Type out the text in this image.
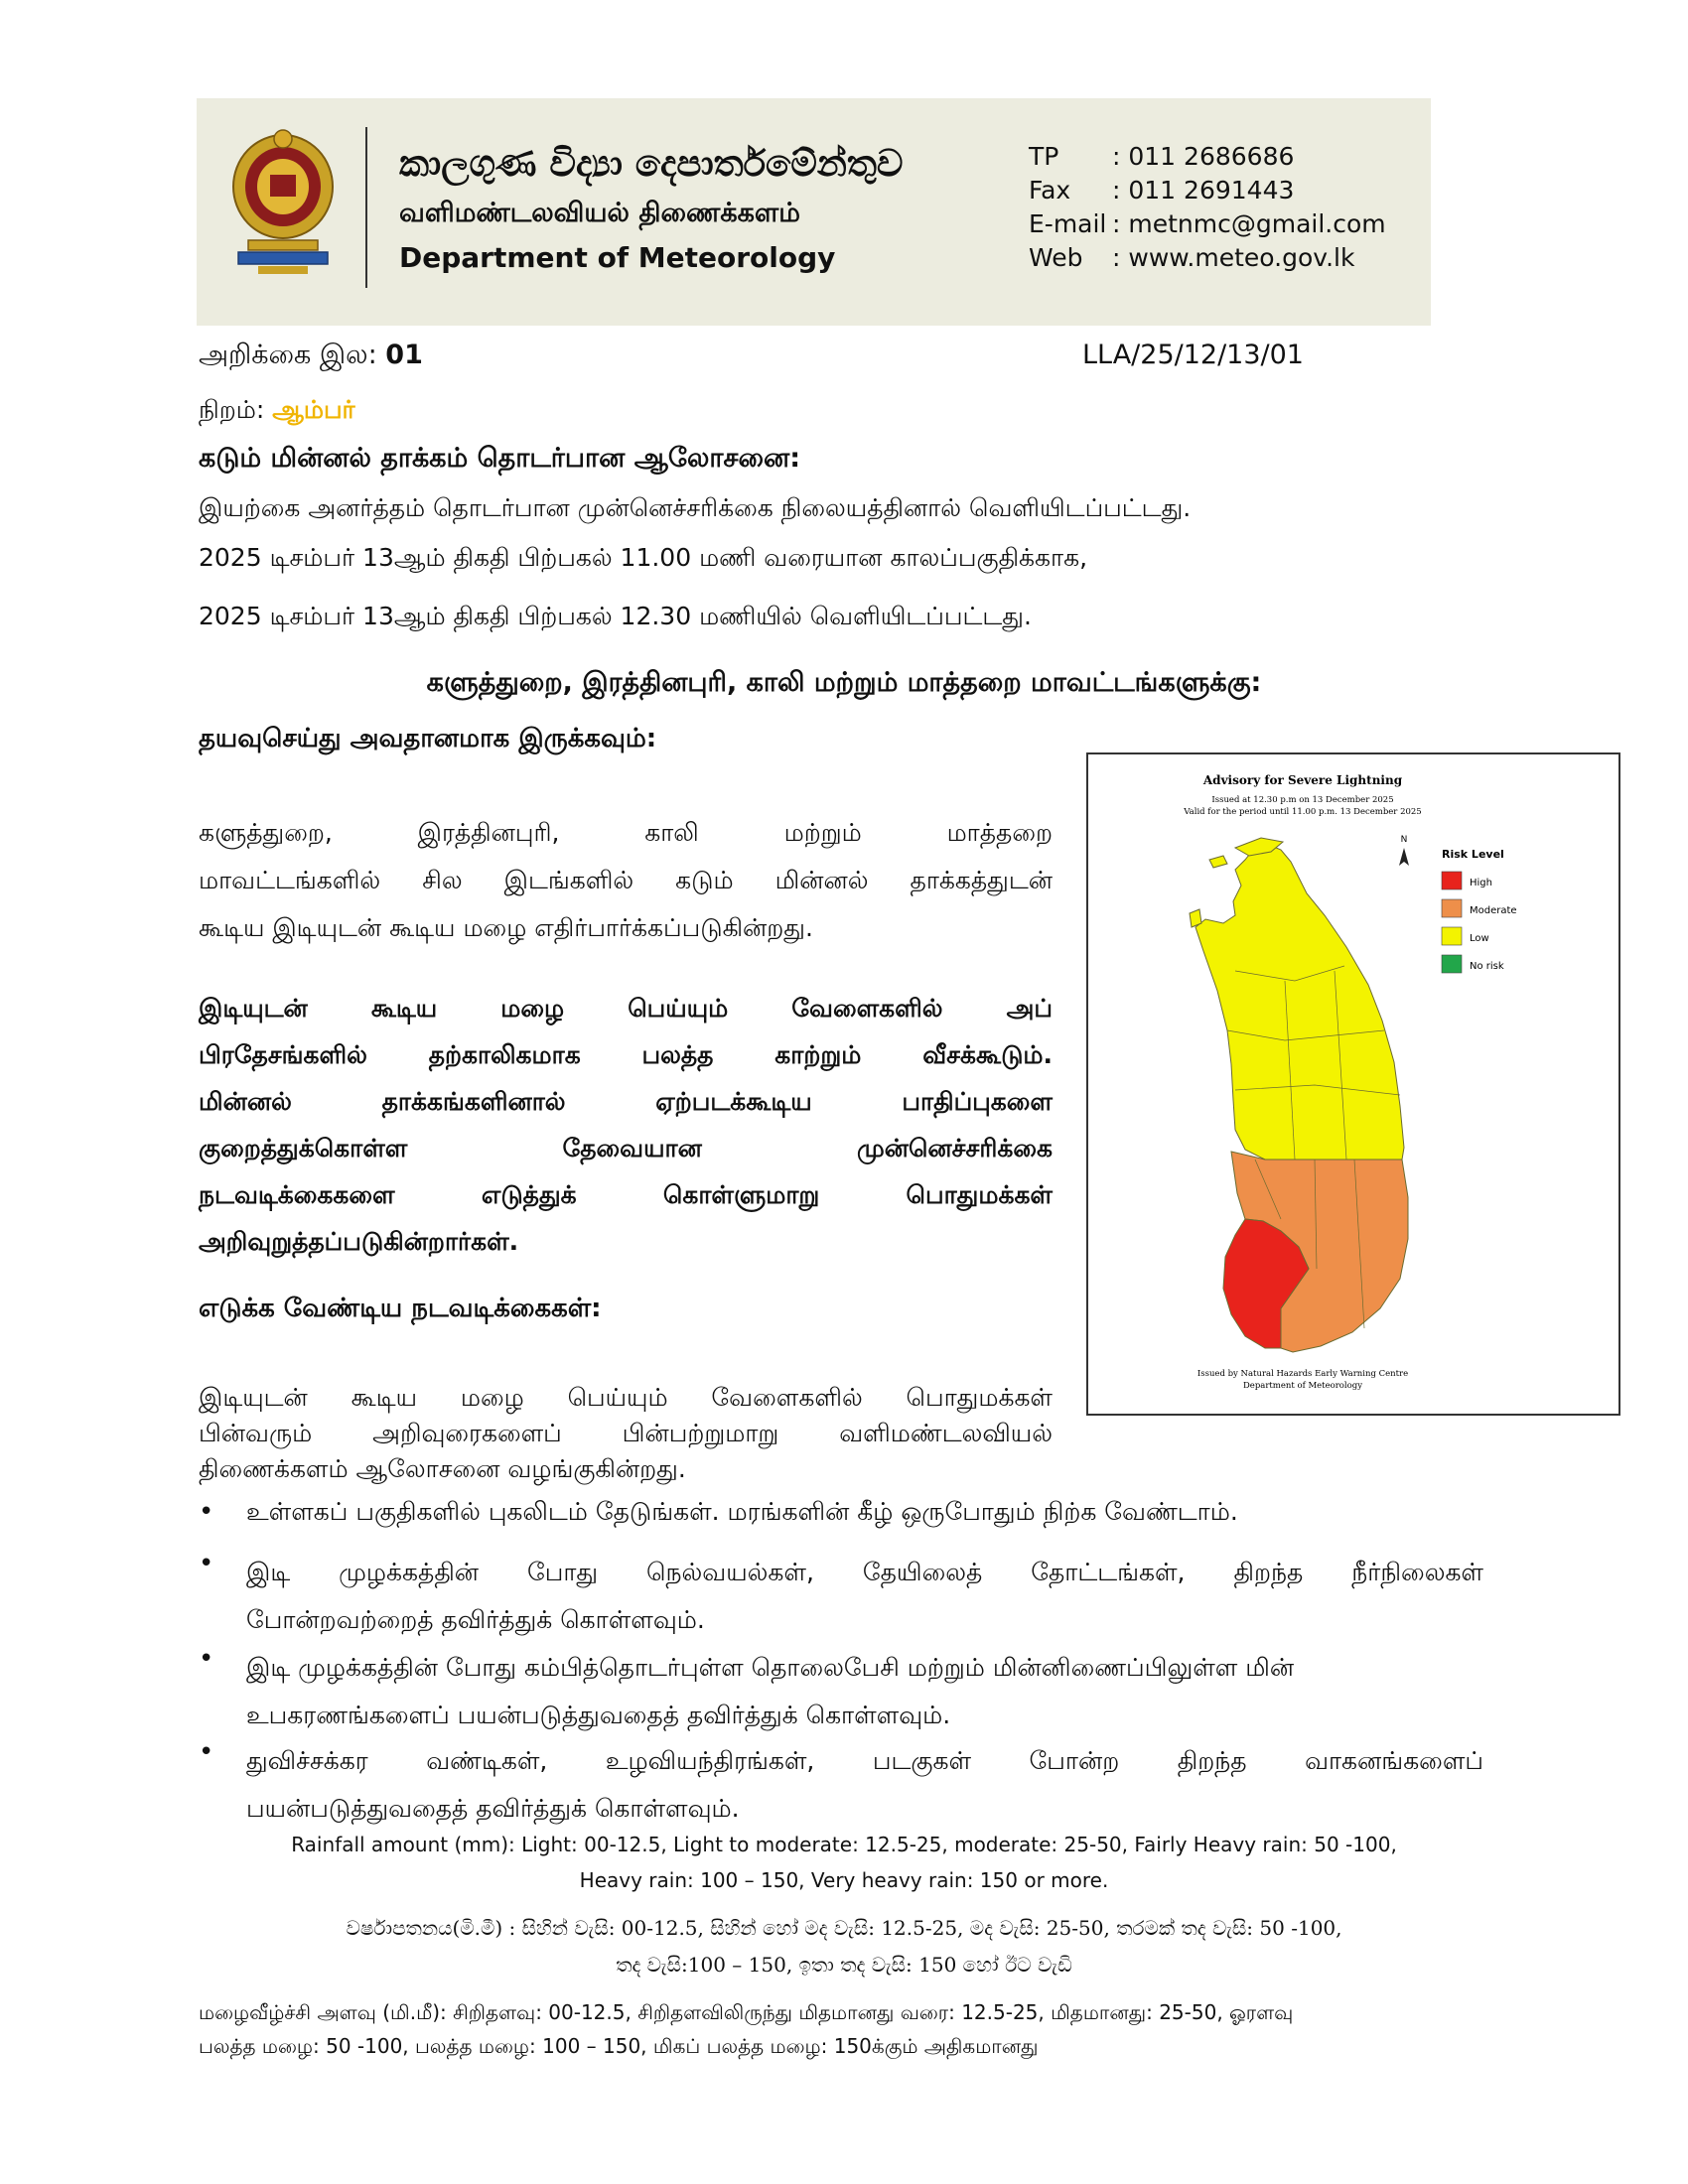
කාලගුණ විද්‍යා දෙපාර්තමේන්තුව
வளிமண்டலவியல் திணைக்களம்
Department of Meteorology
TP : 011 2686686
Fax : 011 2691443
E-mail : metnmc@gmail.com
Web : www.meteo.gov.lk
அறிக்கை இல: 01	LLA/25/12/13/01
நிறம்: ஆம்பர்
கடும் மின்னல் தாக்கம் தொடர்பான ஆலோசனை:
இயற்கை அனர்த்தம் தொடர்பான முன்னெச்சரிக்கை நிலையத்தினால் வெளியிடப்பட்டது.
2025 டிசம்பர் 13ஆம் திகதி பிற்பகல் 11.00 மணி வரையான காலப்பகுதிக்காக,
2025 டிசம்பர் 13ஆம் திகதி பிற்பகல் 12.30 மணியில் வெளியிடப்பட்டது.
களுத்துறை, இரத்தினபுரி, காலி மற்றும் மாத்தறை மாவட்டங்களுக்கு:
தயவுசெய்து அவதானமாக இருக்கவும்:
களுத்துறை, இரத்தினபுரி, காலி மற்றும் மாத்தறை
மாவட்டங்களில் சில இடங்களில் கடும் மின்னல் தாக்கத்துடன்
கூடிய இடியுடன் கூடிய மழை எதிர்பார்க்கப்படுகின்றது.
இடியுடன் கூடிய மழை பெய்யும் வேளைகளில் அப்
பிரதேசங்களில் தற்காலிகமாக பலத்த காற்றும் வீசக்கூடும்.
மின்னல் தாக்கங்களினால் ஏற்படக்கூடிய பாதிப்புகளை
குறைத்துக்கொள்ள தேவையான முன்னெச்சரிக்கை
நடவடிக்கைகளை எடுத்துக் கொள்ளுமாறு பொதுமக்கள்
அறிவுறுத்தப்படுகின்றார்கள்.
எடுக்க வேண்டிய நடவடிக்கைகள்:
இடியுடன் கூடிய மழை பெய்யும் வேளைகளில் பொதுமக்கள்
பின்வரும் அறிவுரைகளைப் பின்பற்றுமாறு வளிமண்டலவியல்
திணைக்களம் ஆலோசனை வழங்குகின்றது.
Advisory for Severe Lightning
Issued at 12.30 p.m on 13 December 2025
Valid for the period until 11.00 p.m. 13 December 2025
N
Risk Level
High
Moderate
Low
No risk
Issued by Natural Hazards Early Warning Centre
Department of Meteorology
• உள்ளகப் பகுதிகளில் புகலிடம் தேடுங்கள். மரங்களின் கீழ் ஒருபோதும் நிற்க வேண்டாம்.
• இடி முழக்கத்தின் போது நெல்வயல்கள், தேயிலைத் தோட்டங்கள், திறந்த நீர்நிலைகள்
போன்றவற்றைத் தவிர்த்துக் கொள்ளவும்.
• இடி முழக்கத்தின் போது கம்பித்தொடர்புள்ள தொலைபேசி மற்றும் மின்னிணைப்பிலுள்ள மின்
உபகரணங்களைப் பயன்படுத்துவதைத் தவிர்த்துக் கொள்ளவும்.
• துவிச்சக்கர வண்டிகள், உழவியந்திரங்கள், படகுகள் போன்ற திறந்த வாகனங்களைப்
பயன்படுத்துவதைத் தவிர்த்துக் கொள்ளவும்.
Rainfall amount (mm): Light: 00-12.5, Light to moderate: 12.5-25, moderate: 25-50, Fairly Heavy rain: 50 -100,
Heavy rain: 100 – 150, Very heavy rain: 150 or more.
වර්ෂාපතනය(මි.මී) : සිහින් වැසි: 00-12.5, සිහින් හෝ මද වැසි: 12.5-25, මද වැසි: 25-50, තරමක් තද වැසි: 50 -100,
තද වැසි:100 – 150, ඉතා තද වැසි: 150 හෝ ඊට වැඩි
மழைவீழ்ச்சி அளவு (மி.மீ): சிறிதளவு: 00-12.5, சிறிதளவிலிருந்து மிதமானது வரை: 12.5-25, மிதமானது: 25-50, ஓரளவு
பலத்த மழை: 50 -100, பலத்த மழை: 100 – 150, மிகப் பலத்த மழை: 150க்கும் அதிகமானது
